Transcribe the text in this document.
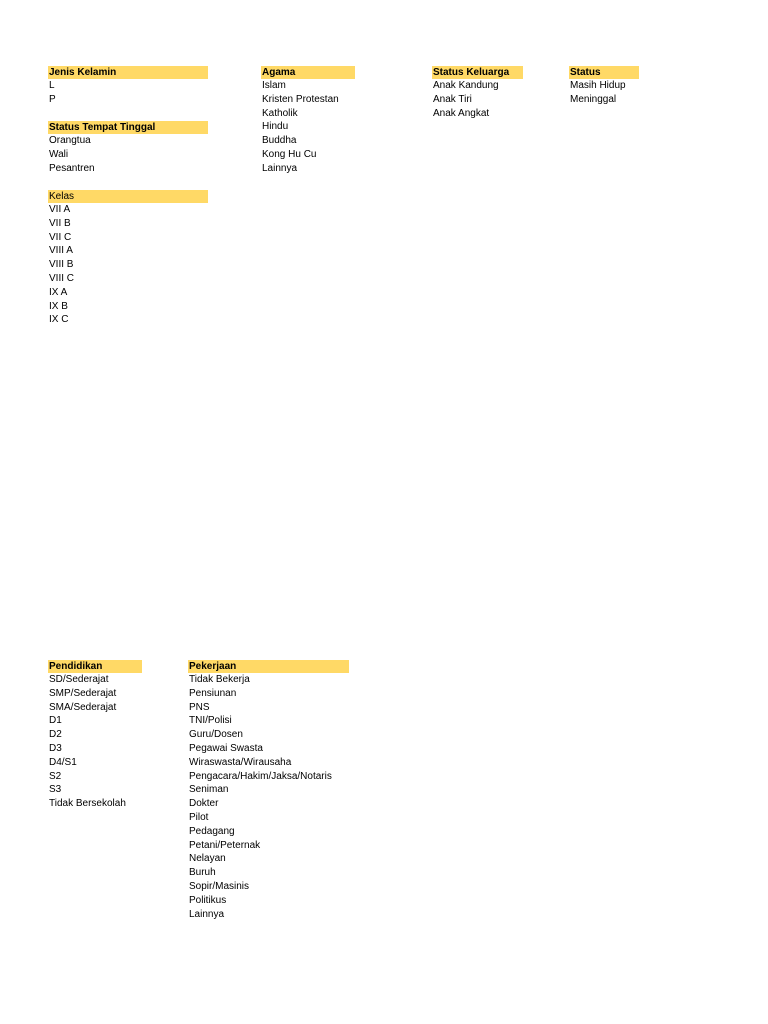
Jenis Kelamin
L
P
Status Tempat Tinggal
Orangtua
Wali
Pesantren
Kelas
VII A
VII B
VII C
VIII A
VIII B
VIII C
IX A
IX B
IX C
Agama
Islam
Kristen Protestan
Katholik
Hindu
Buddha
Kong Hu Cu
Lainnya
Status Keluarga
Anak Kandung
Anak Tiri
Anak Angkat
Status
Masih Hidup
Meninggal
Pendidikan
SD/Sederajat
SMP/Sederajat
SMA/Sederajat
D1
D2
D3
D4/S1
S2
S3
Tidak Bersekolah
Pekerjaan
Tidak Bekerja
Pensiunan
PNS
TNI/Polisi
Guru/Dosen
Pegawai Swasta
Wiraswasta/Wirausaha
Pengacara/Hakim/Jaksa/Notaris
Seniman
Dokter
Pilot
Pedagang
Petani/Peternak
Nelayan
Buruh
Sopir/Masinis
Politikus
Lainnya
